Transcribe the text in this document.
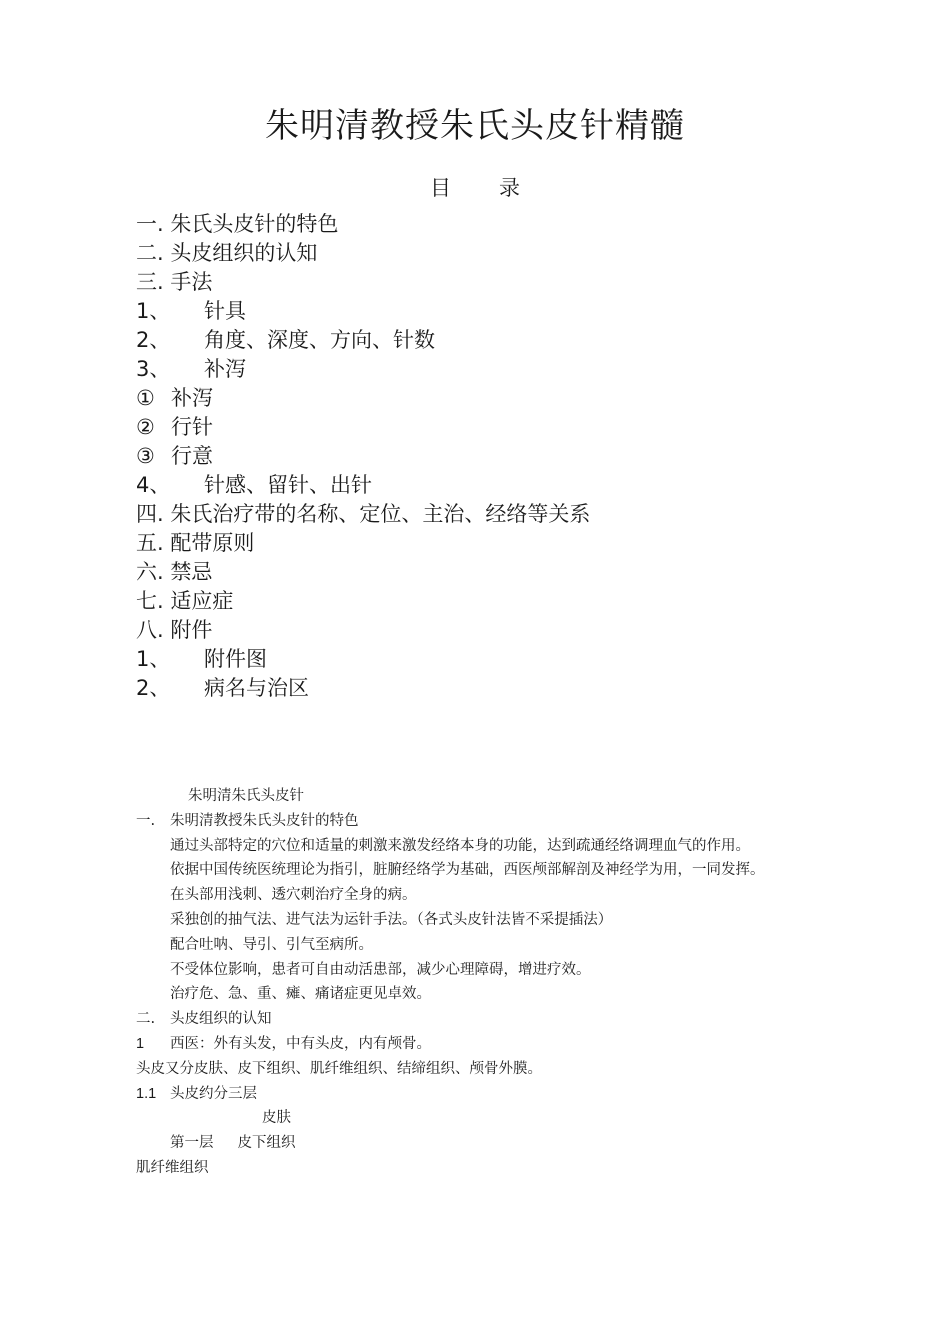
朱明清教授朱氏头皮针精髓
目 录
一. 朱氏头皮针的特色
二. 头皮组织的认知
三. 手法
1、 针具
2、 角度、深度、方向、针数
3、 补泻
① 补泻
② 行针
③ 行意
4、 针感、留针、出针
四. 朱氏治疗带的名称、定位、主治、经络等关系
五. 配带原则
六. 禁忌
七. 适应症
八. 附件
1、 附件图
2、 病名与治区

朱明清朱氏头皮针

一. 朱明清教授朱氏头皮针的特色

通过头部特定的穴位和适量的刺激来激发经络本身的功能，达到疏通经络调理血气的作用。

依据中国传统医统理论为指引，脏腑经络学为基础，西医颅部解剖及神经学为用，一同发挥。

在头部用浅刺、透穴刺治疗全身的病。

采独创的抽气法、进气法为运针手法。（各式头皮针法皆不采提插法）

配合吐呐、导引、引气至病所。

不受体位影响，患者可自由动活患部，减少心理障碍，增进疗效。

治疗危、急、重、瘫、痛诸症更见卓效。

二. 头皮组织的认知

1 西医：外有头发，中有头皮，内有颅骨。

头皮又分皮肤、皮下组织、肌纤维组织、结缔组织、颅骨外膜。

1.1 头皮约分三层

皮肤

第一层 皮下组织

肌纤维组织
